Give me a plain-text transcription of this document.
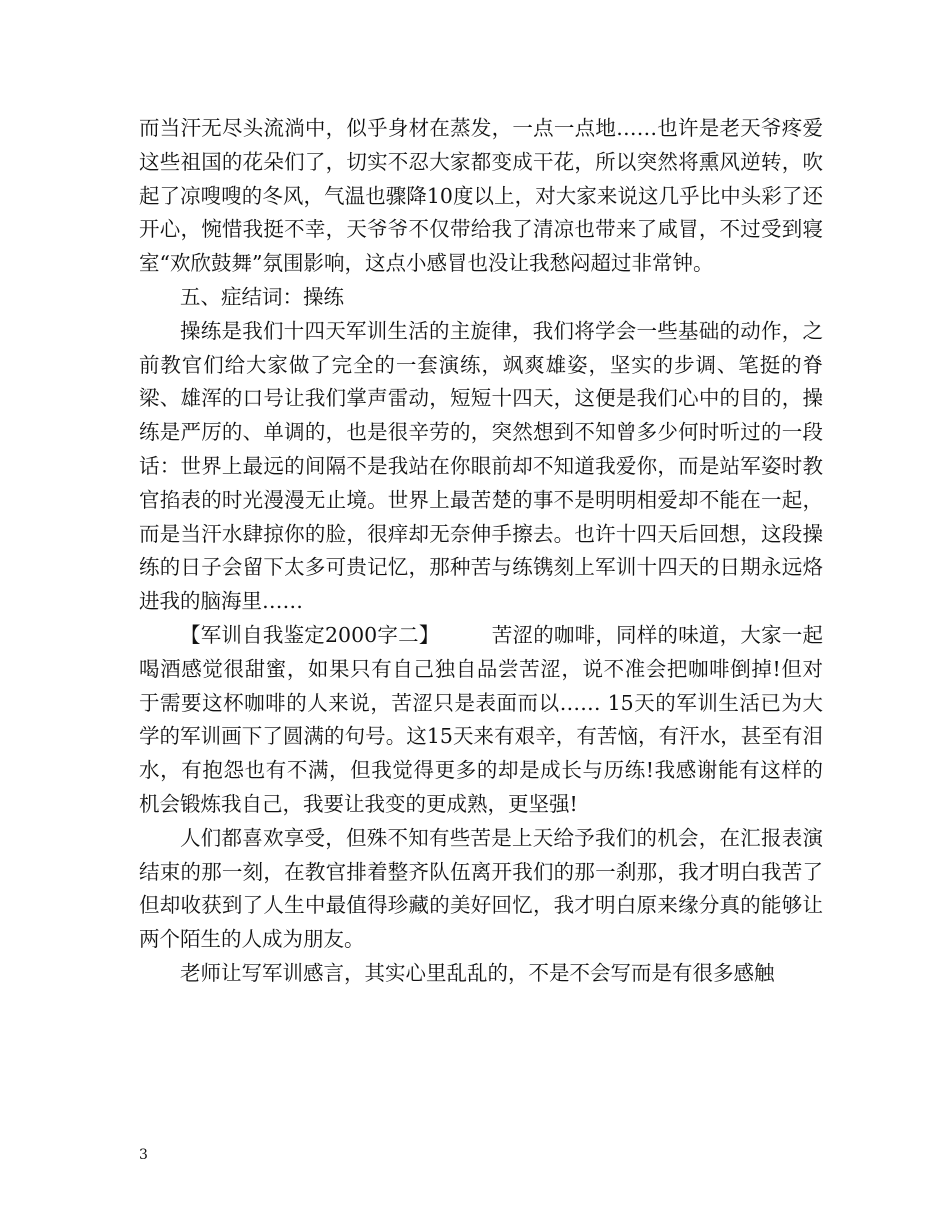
而当汗无尽头流淌中，似乎身材在蒸发，一点一点地……也许是老天爷疼爱这些祖国的花朵们了，切实不忍大家都变成干花，所以突然将熏风逆转，吹起了凉嗖嗖的冬风，气温也骤降10度以上，对大家来说这几乎比中头彩了还开心，惋惜我挺不幸，天爷爷不仅带给我了清凉也带来了咸冒，不过受到寝室“欢欣鼓舞”氛围影响，这点小感冒也没让我愁闷超过非常钟。

五、症结词：操练

操练是我们十四天军训生活的主旋律，我们将学会一些基础的动作，之前教官们给大家做了完全的一套演练，飒爽雄姿，坚实的步调、笔挺的脊梁、雄浑的口号让我们掌声雷动，短短十四天，这便是我们心中的目的，操练是严厉的、单调的，也是很辛劳的，突然想到不知曾多少何时听过的一段话：世界上最远的间隔不是我站在你眼前却不知道我爱你，而是站军姿时教官掐表的时光漫漫无止境。世界上最苦楚的事不是明明相爱却不能在一起，而是当汗水肆掠你的脸，很痒却无奈伸手擦去。也许十四天后回想，这段操练的日子会留下太多可贵记忆，那种苦与练镌刻上军训十四天的日期永远烙进我的脑海里……

【军训自我鉴定2000字二】	苦涩的咖啡，同样的味道，大家一起喝酒感觉很甜蜜，如果只有自己独自品尝苦涩，说不准会把咖啡倒掉!但对于需要这杯咖啡的人来说，苦涩只是表面而以…… 15天的军训生活已为大学的军训画下了圆满的句号。这15天来有艰辛，有苦恼，有汗水，甚至有泪水，有抱怨也有不满，但我觉得更多的却是成长与历练!我感谢能有这样的机会锻炼我自己，我要让我变的更成熟，更坚强!

人们都喜欢享受，但殊不知有些苦是上天给予我们的机会，在汇报表演结束的那一刻，在教官排着整齐队伍离开我们的那一刹那，我才明白我苦了但却收获到了人生中最值得珍藏的美好回忆，我才明白原来缘分真的能够让两个陌生的人成为朋友。

老师让写军训感言，其实心里乱乱的，不是不会写而是有很多感触

3
